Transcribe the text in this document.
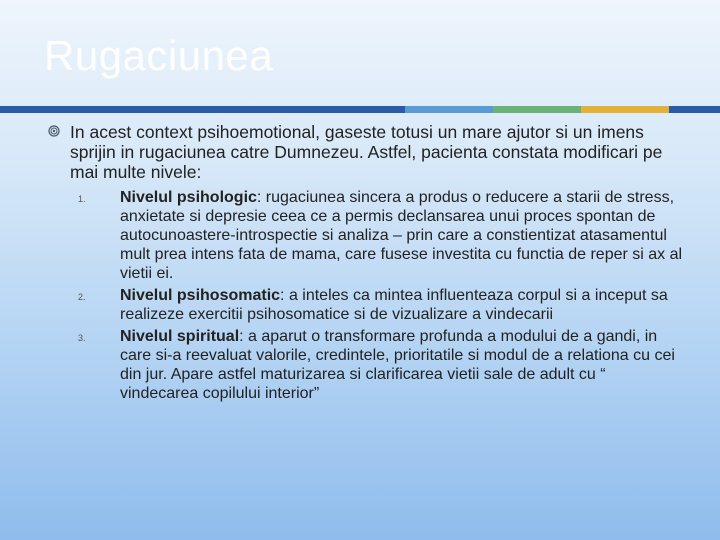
Rugaciunea
In acest context psihoemotional, gaseste totusi un mare ajutor si un imens sprijin in rugaciunea catre Dumnezeu. Astfel, pacienta constata modificari pe mai multe nivele:
1. Nivelul psihologic: rugaciunea sincera a produs o reducere a starii de stress, anxietate si depresie ceea ce a permis declansarea unui proces spontan de autocunoastere-introspectie si analiza – prin care a constientizat atasamentul mult prea intens fata de mama, care fusese investita cu functia de reper si ax al vietii ei.
2. Nivelul psihosomatic: a inteles ca mintea influenteaza corpul si a inceput sa realizeze exercitii psihosomatice si de vizualizare a vindecarii
3. Nivelul spiritual: a aparut o transformare profunda a modului de a gandi, in care si-a reevaluat valorile, credintele, prioritatile si modul de a relationa cu cei din jur. Apare astfel maturizarea si clarificarea vietii sale de adult cu “ vindecarea copilului interior”
